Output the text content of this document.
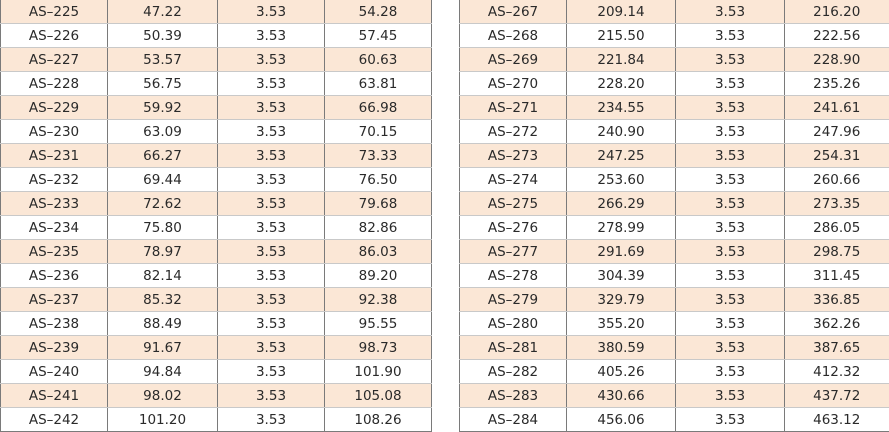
AS–225	47.22	3.53	54.28
AS–226	50.39	3.53	57.45
AS–227	53.57	3.53	60.63
AS–228	56.75	3.53	63.81
AS–229	59.92	3.53	66.98
AS–230	63.09	3.53	70.15
AS–231	66.27	3.53	73.33
AS–232	69.44	3.53	76.50
AS–233	72.62	3.53	79.68
AS–234	75.80	3.53	82.86
AS–235	78.97	3.53	86.03
AS–236	82.14	3.53	89.20
AS–237	85.32	3.53	92.38
AS–238	88.49	3.53	95.55
AS–239	91.67	3.53	98.73
AS–240	94.84	3.53	101.90
AS–241	98.02	3.53	105.08
AS–242	101.20	3.53	108.26
AS–267	209.14	3.53	216.20
AS–268	215.50	3.53	222.56
AS–269	221.84	3.53	228.90
AS–270	228.20	3.53	235.26
AS–271	234.55	3.53	241.61
AS–272	240.90	3.53	247.96
AS–273	247.25	3.53	254.31
AS–274	253.60	3.53	260.66
AS–275	266.29	3.53	273.35
AS–276	278.99	3.53	286.05
AS–277	291.69	3.53	298.75
AS–278	304.39	3.53	311.45
AS–279	329.79	3.53	336.85
AS–280	355.20	3.53	362.26
AS–281	380.59	3.53	387.65
AS–282	405.26	3.53	412.32
AS–283	430.66	3.53	437.72
AS–284	456.06	3.53	463.12
